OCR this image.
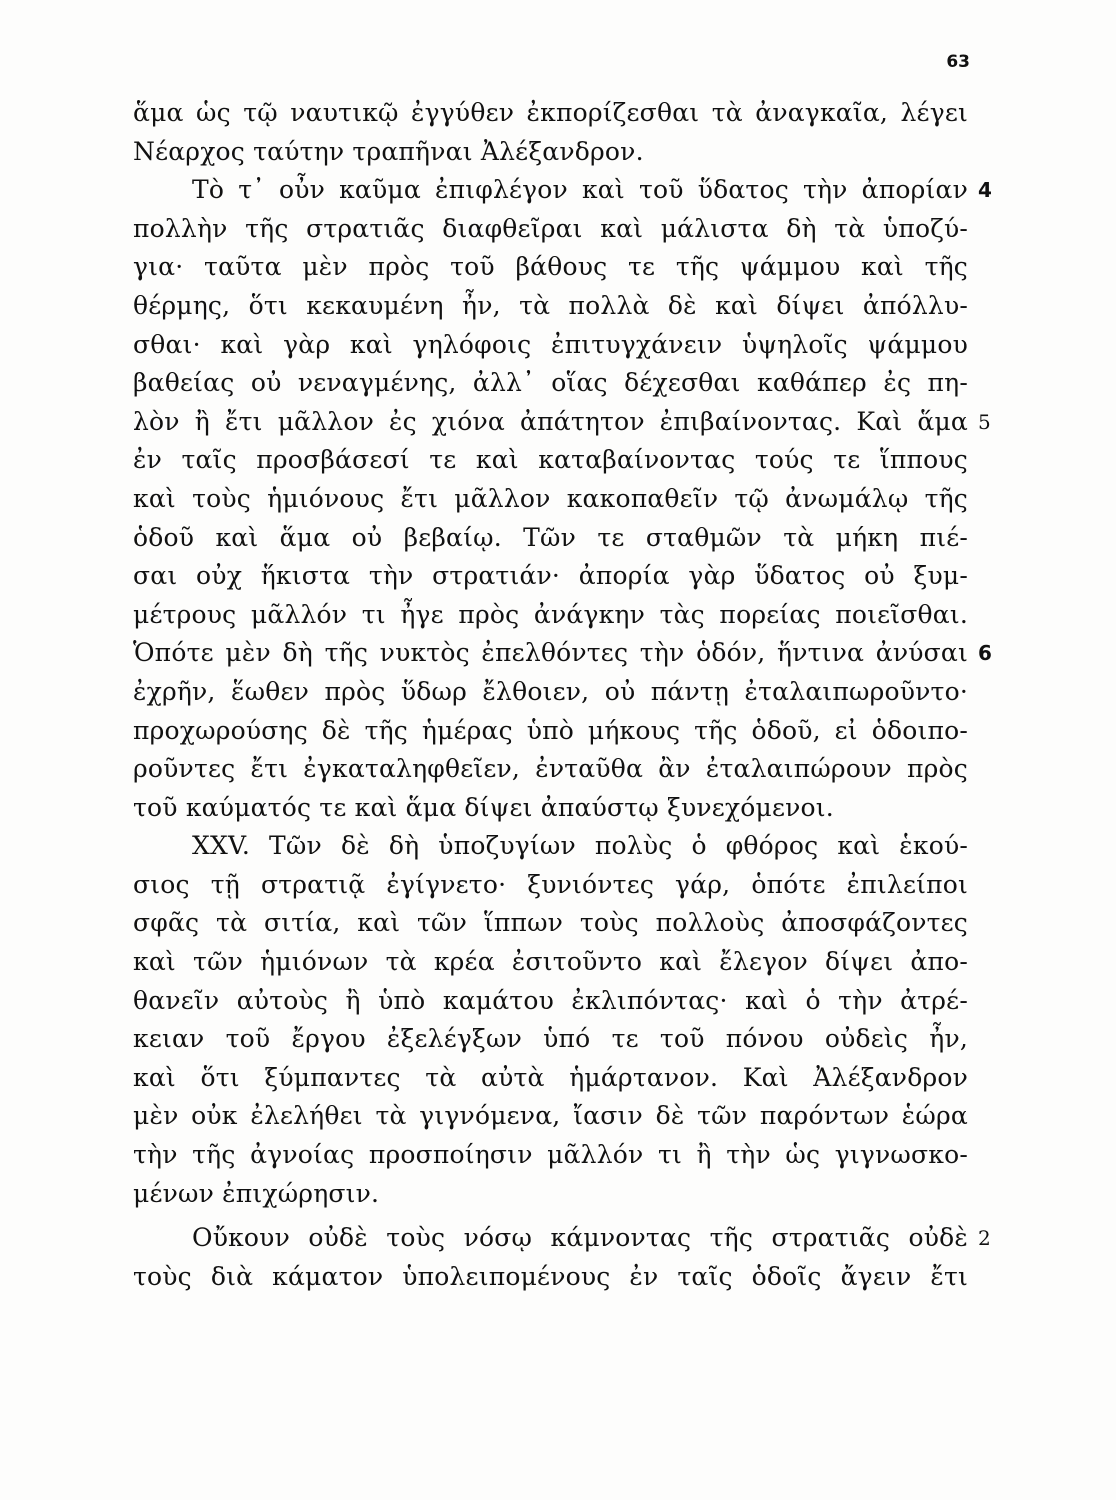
63
ἅμα ὡς τῷ ναυτικῷ ἐγγύθεν ἐκπορίζεσθαι τὰ ἀναγκαῖα, λέγει
Νέαρχος ταύτην τραπῆναι Ἀλέξανδρον.
Τὸ τ᾽ οὖν καῦμα ἐπιφλέγον καὶ τοῦ ὕδατος τὴν ἀπορίαν 4
πολλὴν τῆς στρατιᾶς διαφθεῖραι καὶ μάλιστα δὴ τὰ ὑποζύ-
για· ταῦτα μὲν πρὸς τοῦ βάθους τε τῆς ψάμμου καὶ τῆς
θέρμης, ὅτι κεκαυμένη ἦν, τὰ πολλὰ δὲ καὶ δίψει ἀπόλλυ-
σθαι· καὶ γὰρ καὶ γηλόφοις ἐπιτυγχάνειν ὑψηλοῖς ψάμμου
βαθείας οὐ νεναγμένης, ἀλλ᾽ οἵας δέχεσθαι καθάπερ ἐς πη-
λὸν ἢ ἔτι μᾶλλον ἐς χιόνα ἀπάτητον ἐπιβαίνοντας. Καὶ ἅμα 5
ἐν ταῖς προσβάσεσί τε καὶ καταβαίνοντας τούς τε ἵππους
καὶ τοὺς ἡμιόνους ἔτι μᾶλλον κακοπαθεῖν τῷ ἀνωμάλῳ τῆς
ὁδοῦ καὶ ἅμα οὐ βεβαίῳ. Τῶν τε σταθμῶν τὰ μήκη πιέ-
σαι οὐχ ἥκιστα τὴν στρατιάν· ἀπορία γὰρ ὕδατος οὐ ξυμ-
μέτρους μᾶλλόν τι ἦγε πρὸς ἀνάγκην τὰς πορείας ποιεῖσθαι.
Ὁπότε μὲν δὴ τῆς νυκτὸς ἐπελθόντες τὴν ὁδόν, ἥντινα ἀνύσαι 6
ἐχρῆν, ἕωθεν πρὸς ὕδωρ ἔλθοιεν, οὐ πάντῃ ἐταλαιπωροῦντο·
προχωρούσης δὲ τῆς ἡμέρας ὑπὸ μήκους τῆς ὁδοῦ, εἰ ὁδοιπο-
ροῦντες ἔτι ἐγκαταληφθεῖεν, ἐνταῦθα ἂν ἐταλαιπώρουν πρὸς
τοῦ καύματός τε καὶ ἅμα δίψει ἀπαύστῳ ξυνεχόμενοι.
XXV. Τῶν δὲ δὴ ὑποζυγίων πολὺς ὁ φθόρος καὶ ἑκού-
σιος τῇ στρατιᾷ ἐγίγνετο· ξυνιόντες γάρ, ὁπότε ἐπιλείποι
σφᾶς τὰ σιτία, καὶ τῶν ἵππων τοὺς πολλοὺς ἀποσφάζοντες
καὶ τῶν ἡμιόνων τὰ κρέα ἐσιτοῦντο καὶ ἔλεγον δίψει ἀπο-
θανεῖν αὐτοὺς ἢ ὑπὸ καμάτου ἐκλιπόντας· καὶ ὁ τὴν ἀτρέ-
κειαν τοῦ ἔργου ἐξελέγξων ὑπό τε τοῦ πόνου οὐδεὶς ἦν,
καὶ ὅτι ξύμπαντες τὰ αὐτὰ ἡμάρτανον. Καὶ Ἀλέξανδρον
μὲν οὐκ ἐλελήθει τὰ γιγνόμενα, ἴασιν δὲ τῶν παρόντων ἑώρα
τὴν τῆς ἀγνοίας προσποίησιν μᾶλλόν τι ἢ τὴν ὡς γιγνωσκο-
μένων ἐπιχώρησιν.
Οὔκουν οὐδὲ τοὺς νόσῳ κάμνοντας τῆς στρατιᾶς οὐδὲ 2
τοὺς διὰ κάματον ὑπολειπομένους ἐν ταῖς ὁδοῖς ἄγειν ἔτι
